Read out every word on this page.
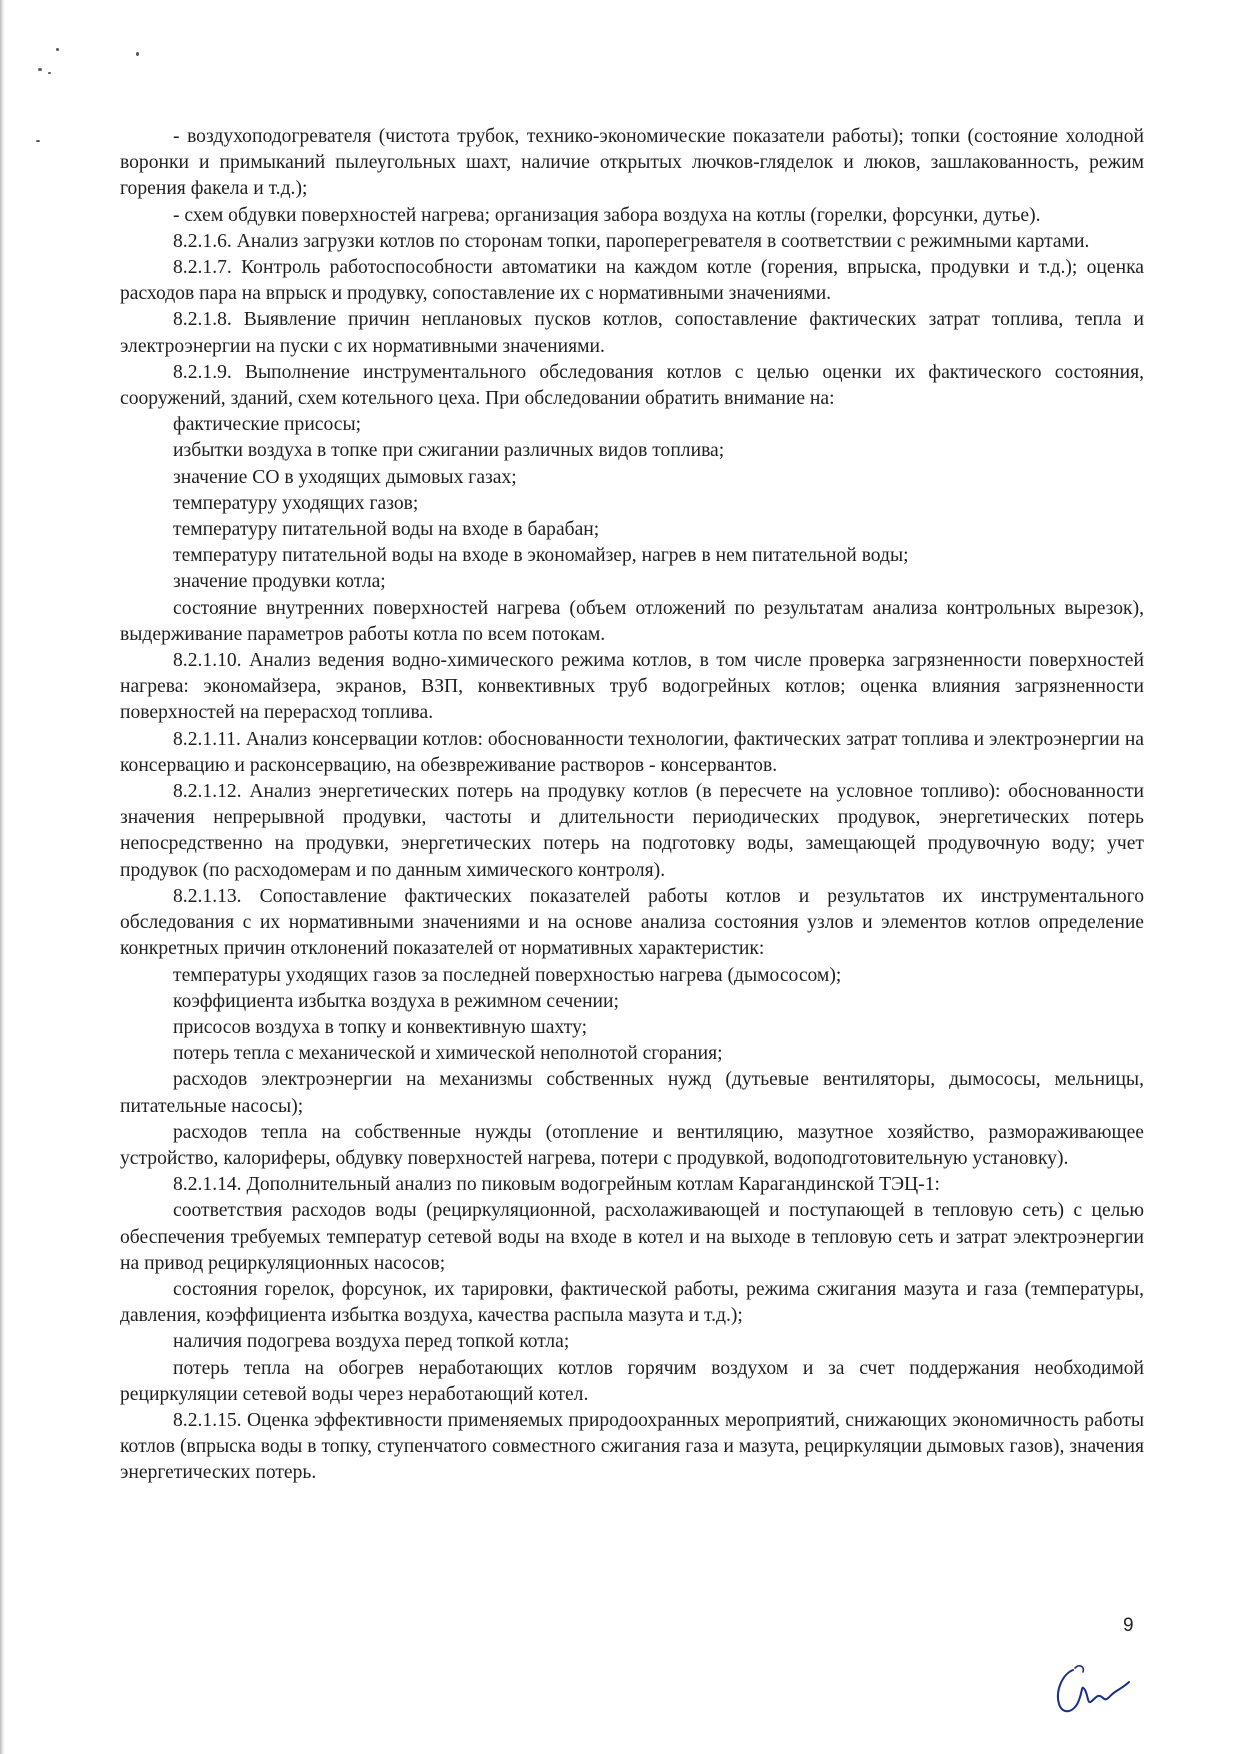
- воздухоподогревателя (чистота трубок, технико-экономические показатели работы); топки (состояние холодной воронки и примыканий пылеугольных шахт, наличие открытых лючков-гляделок и люков, зашлакованность, режим горения факела и т.д.);

- схем обдувки поверхностей нагрева; организация забора воздуха на котлы (горелки, форсунки, дутье).

8.2.1.6. Анализ загрузки котлов по сторонам топки, пароперегревателя в соответствии с режимными картами.

8.2.1.7. Контроль работоспособности автоматики на каждом котле (горения, впрыска, продувки и т.д.); оценка расходов пара на впрыск и продувку, сопоставление их с нормативными значениями.

8.2.1.8. Выявление причин неплановых пусков котлов, сопоставление фактических затрат топлива, тепла и электроэнергии на пуски с их нормативными значениями.

8.2.1.9. Выполнение инструментального обследования котлов с целью оценки их фактического состояния, сооружений, зданий, схем котельного цеха. При обследовании обратить внимание на:

фактические присосы;

избытки воздуха в топке при сжигании различных видов топлива;

значение СО в уходящих дымовых газах;

температуру уходящих газов;

температуру питательной воды на входе в барабан;

температуру питательной воды на входе в экономайзер, нагрев в нем питательной воды;

значение продувки котла;

состояние внутренних поверхностей нагрева (объем отложений по результатам анализа контрольных вырезок), выдерживание параметров работы котла по всем потокам.

8.2.1.10. Анализ ведения водно-химического режима котлов, в том числе проверка загрязненности поверхностей нагрева: экономайзера, экранов, ВЗП, конвективных труб водогрейных котлов; оценка влияния загрязненности поверхностей на перерасход топлива.

8.2.1.11. Анализ консервации котлов: обоснованности технологии, фактических затрат топлива и электроэнергии на консервацию и расконсервацию, на обезвреживание растворов - консервантов.

8.2.1.12. Анализ энергетических потерь на продувку котлов (в пересчете на условное топливо): обоснованности значения непрерывной продувки, частоты и длительности периодических продувок, энергетических потерь непосредственно на продувки, энергетических потерь на подготовку воды, замещающей продувочную воду; учет продувок (по расходомерам и по данным химического контроля).

8.2.1.13. Сопоставление фактических показателей работы котлов и результатов их инструментального обследования с их нормативными значениями и на основе анализа состояния узлов и элементов котлов определение конкретных причин отклонений показателей от нормативных характеристик:

температуры уходящих газов за последней поверхностью нагрева (дымососом);

коэффициента избытка воздуха в режимном сечении;

присосов воздуха в топку и конвективную шахту;

потерь тепла с механической и химической неполнотой сгорания;

расходов электроэнергии на механизмы собственных нужд (дутьевые вентиляторы, дымососы, мельницы, питательные насосы);

расходов тепла на собственные нужды (отопление и вентиляцию, мазутное хозяйство, размораживающее устройство, калориферы, обдувку поверхностей нагрева, потери с продувкой, водоподготовительную установку).

8.2.1.14. Дополнительный анализ по пиковым водогрейным котлам Карагандинской ТЭЦ-1:

соответствия расходов воды (рециркуляционной, расхолаживающей и поступающей в тепловую сеть) с целью обеспечения требуемых температур сетевой воды на входе в котел и на выходе в тепловую сеть и затрат электроэнергии на привод рециркуляционных насосов;

состояния горелок, форсунок, их тарировки, фактической работы, режима сжигания мазута и газа (температуры, давления, коэффициента избытка воздуха, качества распыла мазута и т.д.);

наличия подогрева воздуха перед топкой котла;

потерь тепла на обогрев неработающих котлов горячим воздухом и за счет поддержания необходимой рециркуляции сетевой воды через неработающий котел.

8.2.1.15. Оценка эффективности применяемых природоохранных мероприятий, снижающих экономичность работы котлов (впрыска воды в топку, ступенчатого совместного сжигания газа и мазута, рециркуляции дымовых газов), значения энергетических потерь.

9
